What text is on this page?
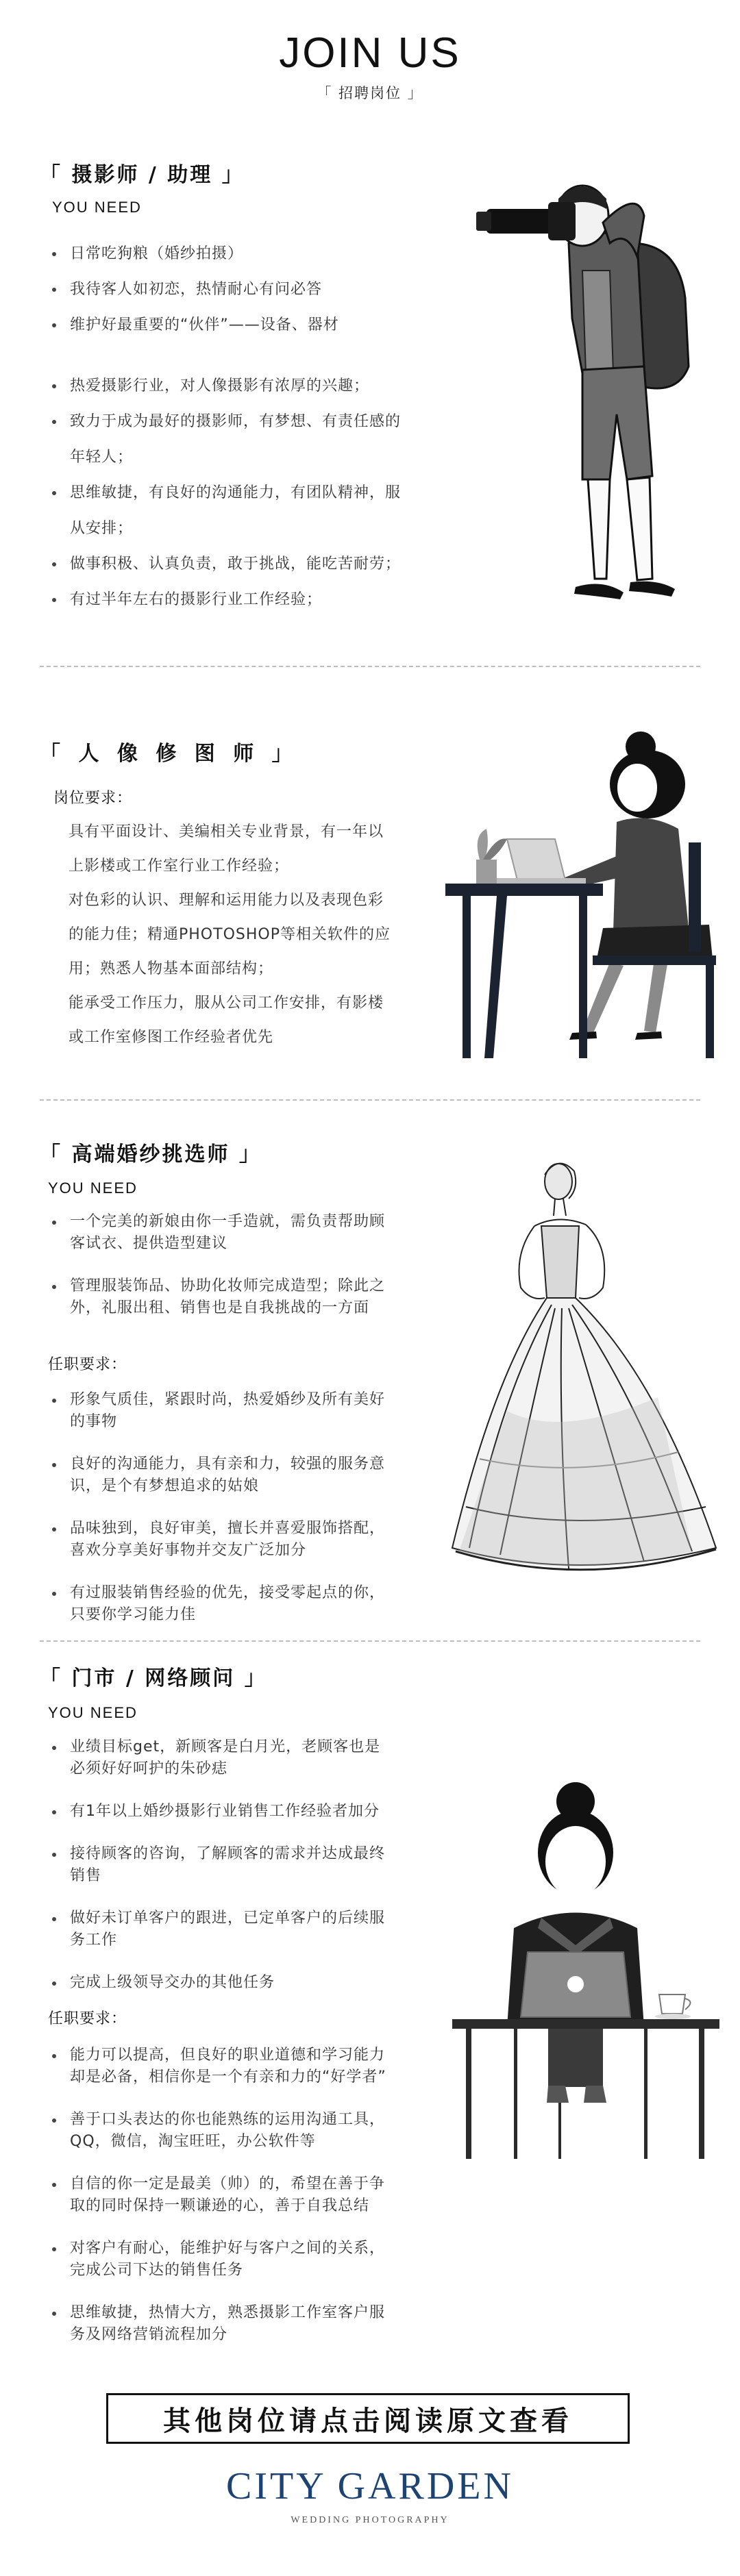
JOIN US
「 招聘岗位 」
「 摄影师 / 助理 」
YOU NEED
日常吃狗粮（婚纱拍摄）
我待客人如初恋，热情耐心有问必答
维护好最重要的“伙伴”——设备、器材
热爱摄影行业，对人像摄影有浓厚的兴趣；
致力于成为最好的摄影师，有梦想、有责任感的
年轻人；
思维敏捷，有良好的沟通能力，有团队精神，服
从安排；
做事积极、认真负责，敢于挑战，能吃苦耐劳；
有过半年左右的摄影行业工作经验；
「 人 像 修 图 师 」
岗位要求：
具有平面设计、美编相关专业背景，有一年以
上影楼或工作室行业工作经验；
对色彩的认识、理解和运用能力以及表现色彩
的能力佳；精通PHOTOSHOP等相关软件的应
用；熟悉人物基本面部结构；
能承受工作压力，服从公司工作安排，有影楼
或工作室修图工作经验者优先
「 高端婚纱挑选师 」
YOU NEED
一个完美的新娘由你一手造就，需负责帮助顾
客试衣、提供造型建议
管理服装饰品、协助化妆师完成造型；除此之
外，礼服出租、销售也是自我挑战的一方面
任职要求：
形象气质佳，紧跟时尚，热爱婚纱及所有美好
的事物
良好的沟通能力，具有亲和力，较强的服务意
识，是个有梦想追求的姑娘
品味独到，良好审美，擅长并喜爱服饰搭配，
喜欢分享美好事物并交友广泛加分
有过服装销售经验的优先，接受零起点的你，
只要你学习能力佳
「 门市 / 网络顾问 」
YOU NEED
业绩目标get，新顾客是白月光，老顾客也是
必须好好呵护的朱砂痣
有1年以上婚纱摄影行业销售工作经验者加分
接待顾客的咨询，了解顾客的需求并达成最终
销售
做好未订单客户的跟进，已定单客户的后续服
务工作
完成上级领导交办的其他任务
任职要求：
能力可以提高，但良好的职业道德和学习能力
却是必备，相信你是一个有亲和力的“好学者”
善于口头表达的你也能熟练的运用沟通工具，
QQ，微信，淘宝旺旺，办公软件等
自信的你一定是最美（帅）的，希望在善于争
取的同时保持一颗谦逊的心，善于自我总结
对客户有耐心，能维护好与客户之间的关系，
完成公司下达的销售任务
思维敏捷，热情大方，熟悉摄影工作室客户服
务及网络营销流程加分
其他岗位请点击阅读原文查看
CITY GARDEN
WEDDING PHOTOGRAPHY
